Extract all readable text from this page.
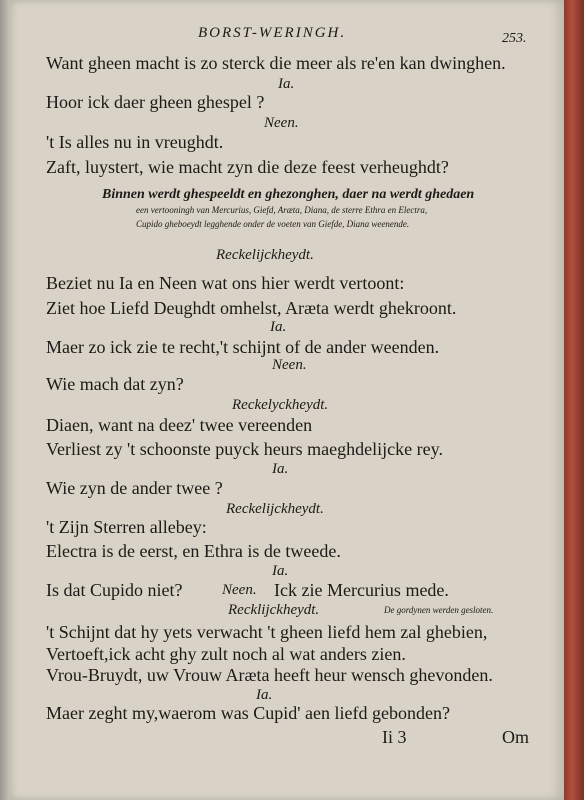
BORST-WERINGH.	253.
Want gheen macht is zo sterck die meer als re'en kan dwinghen.
Ia.
Hoor ick daer gheen ghespel ?
Neen.
't Is alles nu in vreughdt.
Zaft, luystert, wie macht zyn die deze feest verheughdt?
Binnen werdt ghespeeldt en ghezonghen, daer na werdt ghedaen
een vertooningh van Mercurius, Giefd, Aræta, Diana, de sterre Ethra en Electra,
Cupido gheboeydt legghende onder de voeten van Giefde, Diana weenende.
Reckelijckheydt.
Beziet nu Ia en Neen wat ons hier werdt vertoont:
Ziet hoe Liefd Deughdt omhelst, Aræta werdt ghekroont.
Ia.
Maer zo ick zie te recht,'t schijnt of de ander weenden.
Neen.
Wie mach dat zyn?
Reckelyckheydt.
Diaen, want na deez' twee vereenden
Verliest zy 't schoonste puyck heurs maeghdelijcke rey.
Ia.
Wie zyn de ander twee ?
Reckelijckheydt.
't Zijn Sterren allebey:
Electra is de eerst, en Ethra is de tweede.
Ia.
Is dat Cupido niet?	Neen. Ick zie Mercurius mede.
Recklijckheydt.	De gordynen werden gesloten.
't Schijnt dat hy yets verwacht 't gheen liefd hem zal ghebien,
Vertoeft,ick acht ghy zult noch al wat anders zien.
Vrou-Bruydt, uw Vrouw Aræta heeft heur wensch ghevonden.
Ia.
Maer zeght my,waerom was Cupid' aen liefd gebonden?
Ii 3	Om
